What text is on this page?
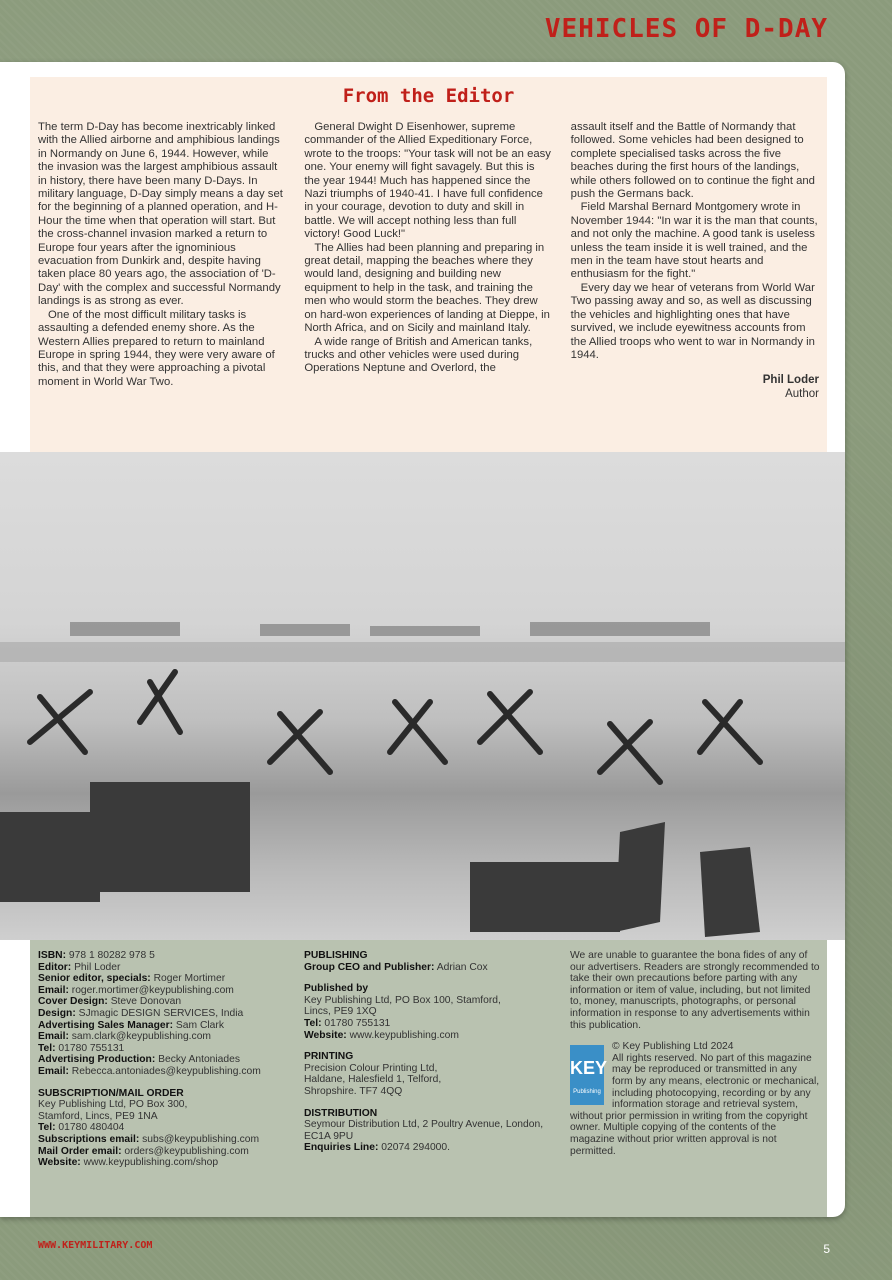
VEHICLES OF D-DAY
From the Editor

The term D-Day has become inextricably linked with the Allied airborne and amphibious landings in Normandy on June 6, 1944. However, while the invasion was the largest amphibious assault in history, there have been many D-Days. In military language, D-Day simply means a day set for the beginning of a planned operation, and H-Hour the time when that operation will start. But the cross-channel invasion marked a return to Europe four years after the ignominious evacuation from Dunkirk and, despite having taken place 80 years ago, the association of 'D-Day' with the complex and successful Normandy landings is as strong as ever.

One of the most difficult military tasks is assaulting a defended enemy shore. As the Western Allies prepared to return to mainland Europe in spring 1944, they were very aware of this, and that they were approaching a pivotal moment in World War Two.

General Dwight D Eisenhower, supreme commander of the Allied Expeditionary Force, wrote to the troops: "Your task will not be an easy one. Your enemy will fight savagely. But this is the year 1944! Much has happened since the Nazi triumphs of 1940-41. I have full confidence in your courage, devotion to duty and skill in battle. We will accept nothing less than full victory! Good Luck!"

The Allies had been planning and preparing in great detail, mapping the beaches where they would land, designing and building new equipment to help in the task, and training the men who would storm the beaches. They drew on hard-won experiences of landing at Dieppe, in North Africa, and on Sicily and mainland Italy.

A wide range of British and American tanks, trucks and other vehicles were used during Operations Neptune and Overlord, the

assault itself and the Battle of Normandy that followed. Some vehicles had been designed to complete specialised tasks across the five beaches during the first hours of the landings, while others followed on to continue the fight and push the Germans back.

Field Marshal Bernard Montgomery wrote in November 1944: "In war it is the man that counts, and not only the machine. A good tank is useless unless the team inside it is well trained, and the men in the team have stout hearts and enthusiasm for the fight."

Every day we hear of veterans from World War Two passing away and so, as well as discussing the vehicles and highlighting ones that have survived, we include eyewitness accounts from the Allied troops who went to war in Normandy in 1944.

Phil Loder
Author
ISBN: 978 1 80282 978 5
Editor: Phil Loder
Senior editor, specials: Roger Mortimer
Email: roger.mortimer@keypublishing.com
Cover Design: Steve Donovan
Design: SJmagic DESIGN SERVICES, India
Advertising Sales Manager: Sam Clark
Email: sam.clark@keypublishing.com
Tel: 01780 755131
Advertising Production: Becky Antoniades
Email: Rebecca.antoniades@keypublishing.com
SUBSCRIPTION/MAIL ORDER
Key Publishing Ltd, PO Box 300,
Stamford, Lincs, PE9 1NA
Tel: 01780 480404
Subscriptions email: subs@keypublishing.com
Mail Order email: orders@keypublishing.com
Website: www.keypublishing.com/shop
PUBLISHING
Group CEO and Publisher: Adrian Cox
Published by
Key Publishing Ltd, PO Box 100, Stamford,
Lincs, PE9 1XQ
Tel: 01780 755131
Website: www.keypublishing.com
PRINTING
Precision Colour Printing Ltd,
Haldane, Halesfield 1, Telford,
Shropshire. TF7 4QQ
DISTRIBUTION
Seymour Distribution Ltd, 2 Poultry Avenue, London,
EC1A 9PU
Enquiries Line: 02074 294000.
We are unable to guarantee the bona fides of any of our advertisers. Readers are strongly recommended to take their own precautions before parting with any information or item of value, including, but not limited to, money, manuscripts, photographs, or personal information in response to any advertisements within this publication.
KEY
Publishing
© Key Publishing Ltd 2024
All rights reserved. No part of this magazine may be reproduced or transmitted in any form by any means, electronic or mechanical, including photocopying, recording or by any information storage and retrieval system, without prior permission in writing from the copyright owner. Multiple copying of the contents of the magazine without prior written approval is not permitted.
WWW.KEYMILITARY.COM	5
